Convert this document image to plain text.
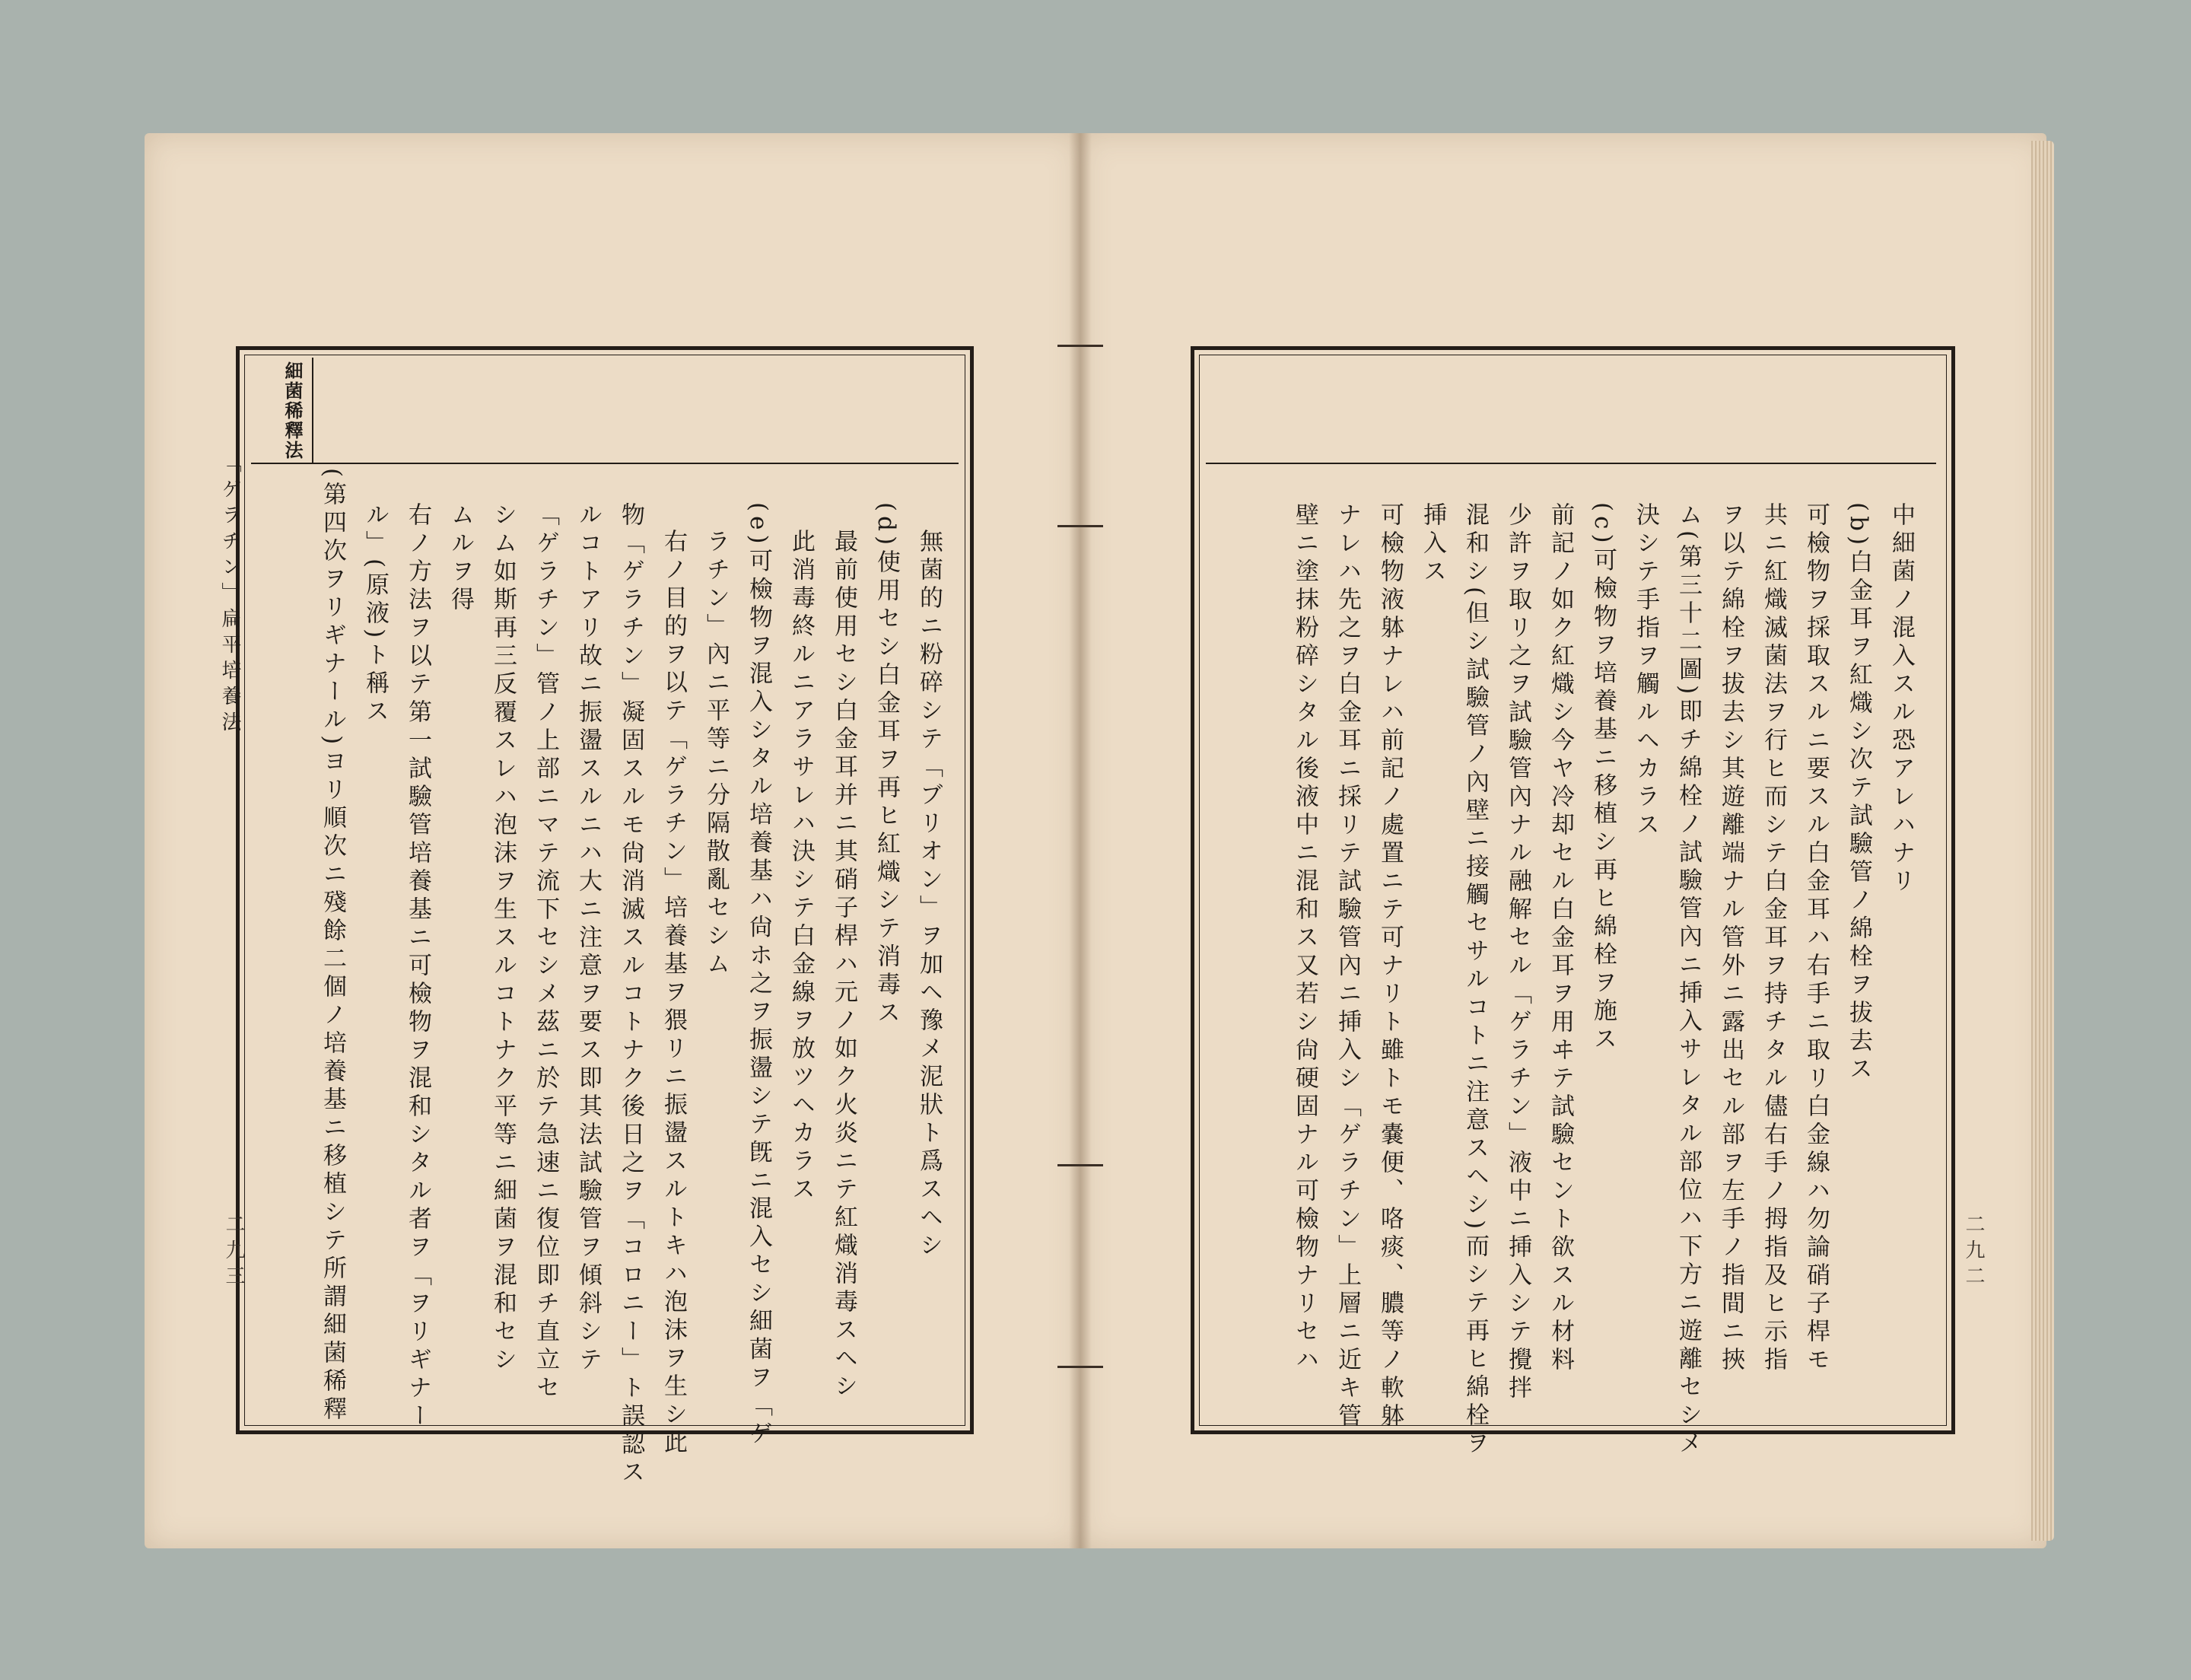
「ゲラチン」扁平培養法
細菌稀釋法
二九三	無菌的ニ粉碎シテ「ブリオン」ヲ加ヘ豫メ泥狀ト爲スヘシ
(d)使用セシ白金耳ヲ再ヒ紅熾シテ消毒ス
最前使用セシ白金耳并ニ其硝子桿ハ元ノ如ク火炎ニテ紅熾消毒スヘシ
此消毒終ルニアラサレハ決シテ白金線ヲ放ツヘカラス
(e)可檢物ヲ混入シタル培養基ハ尙ホ之ヲ振盪シテ旣ニ混入セシ細菌ヲ「ゲ
ラチン」內ニ平等ニ分隔散亂セシム
右ノ目的ヲ以テ「ゲラチン」培養基ヲ猥リニ振盪スルトキハ泡沫ヲ生シ此
物「ゲラチン」凝固スルモ尙消滅スルコトナク後日之ヲ「コロニー」ト誤認ス
ルコトアリ故ニ振盪スルニハ大ニ注意ヲ要ス即其法試驗管ヲ傾斜シテ
「ゲラチン」管ノ上部ニマテ流下セシメ茲ニ於テ急速ニ復位即チ直立セ
シム如斯再三反覆スレハ泡沫ヲ生スルコトナク平等ニ細菌ヲ混和セシ
ムルヲ得
右ノ方法ヲ以テ第一試驗管培養基ニ可檢物ヲ混和シタル者ヲ「ヲリギナー
ル」(原液)ト稱ス
(第四次ヲリギナール)ヨリ順次ニ殘餘二個ノ培養基ニ移植シテ所謂細菌稀釋	二九二
中細菌ノ混入スル恐アレハナリ
(b)白金耳ヲ紅熾シ次テ試驗管ノ綿栓ヲ拔去ス
可檢物ヲ採取スルニ要スル白金耳ハ右手ニ取リ白金線ハ勿論硝子桿モ
共ニ紅熾滅菌法ヲ行ヒ而シテ白金耳ヲ持チタル儘右手ノ拇指及ヒ示指
ヲ以テ綿栓ヲ拔去シ其遊離端ナル管外ニ露出セル部ヲ左手ノ指間ニ挾
ム(第三十二圖)即チ綿栓ノ試驗管內ニ挿入サレタル部位ハ下方ニ遊離セシメ
決シテ手指ヲ觸ルヘカラス
(c)可檢物ヲ培養基ニ移植シ再ヒ綿栓ヲ施ス
前記ノ如ク紅熾シ今ヤ冷却セル白金耳ヲ用ヰテ試驗セント欲スル材料
少許ヲ取リ之ヲ試驗管內ナル融解セル「ゲラチン」液中ニ挿入シテ攪拌
混和シ(但シ試驗管ノ內壁ニ接觸セサルコトニ注意スヘシ)而シテ再ヒ綿栓ヲ
挿入ス
可檢物液躰ナレハ前記ノ處置ニテ可ナリト雖トモ嚢便、咯痰、膿等ノ軟躰
ナレハ先之ヲ白金耳ニ採リテ試驗管內ニ挿入シ「ゲラチン」上層ニ近キ管
壁ニ塗抹粉碎シタル後液中ニ混和ス又若シ尙硬固ナル可檢物ナリセハ
